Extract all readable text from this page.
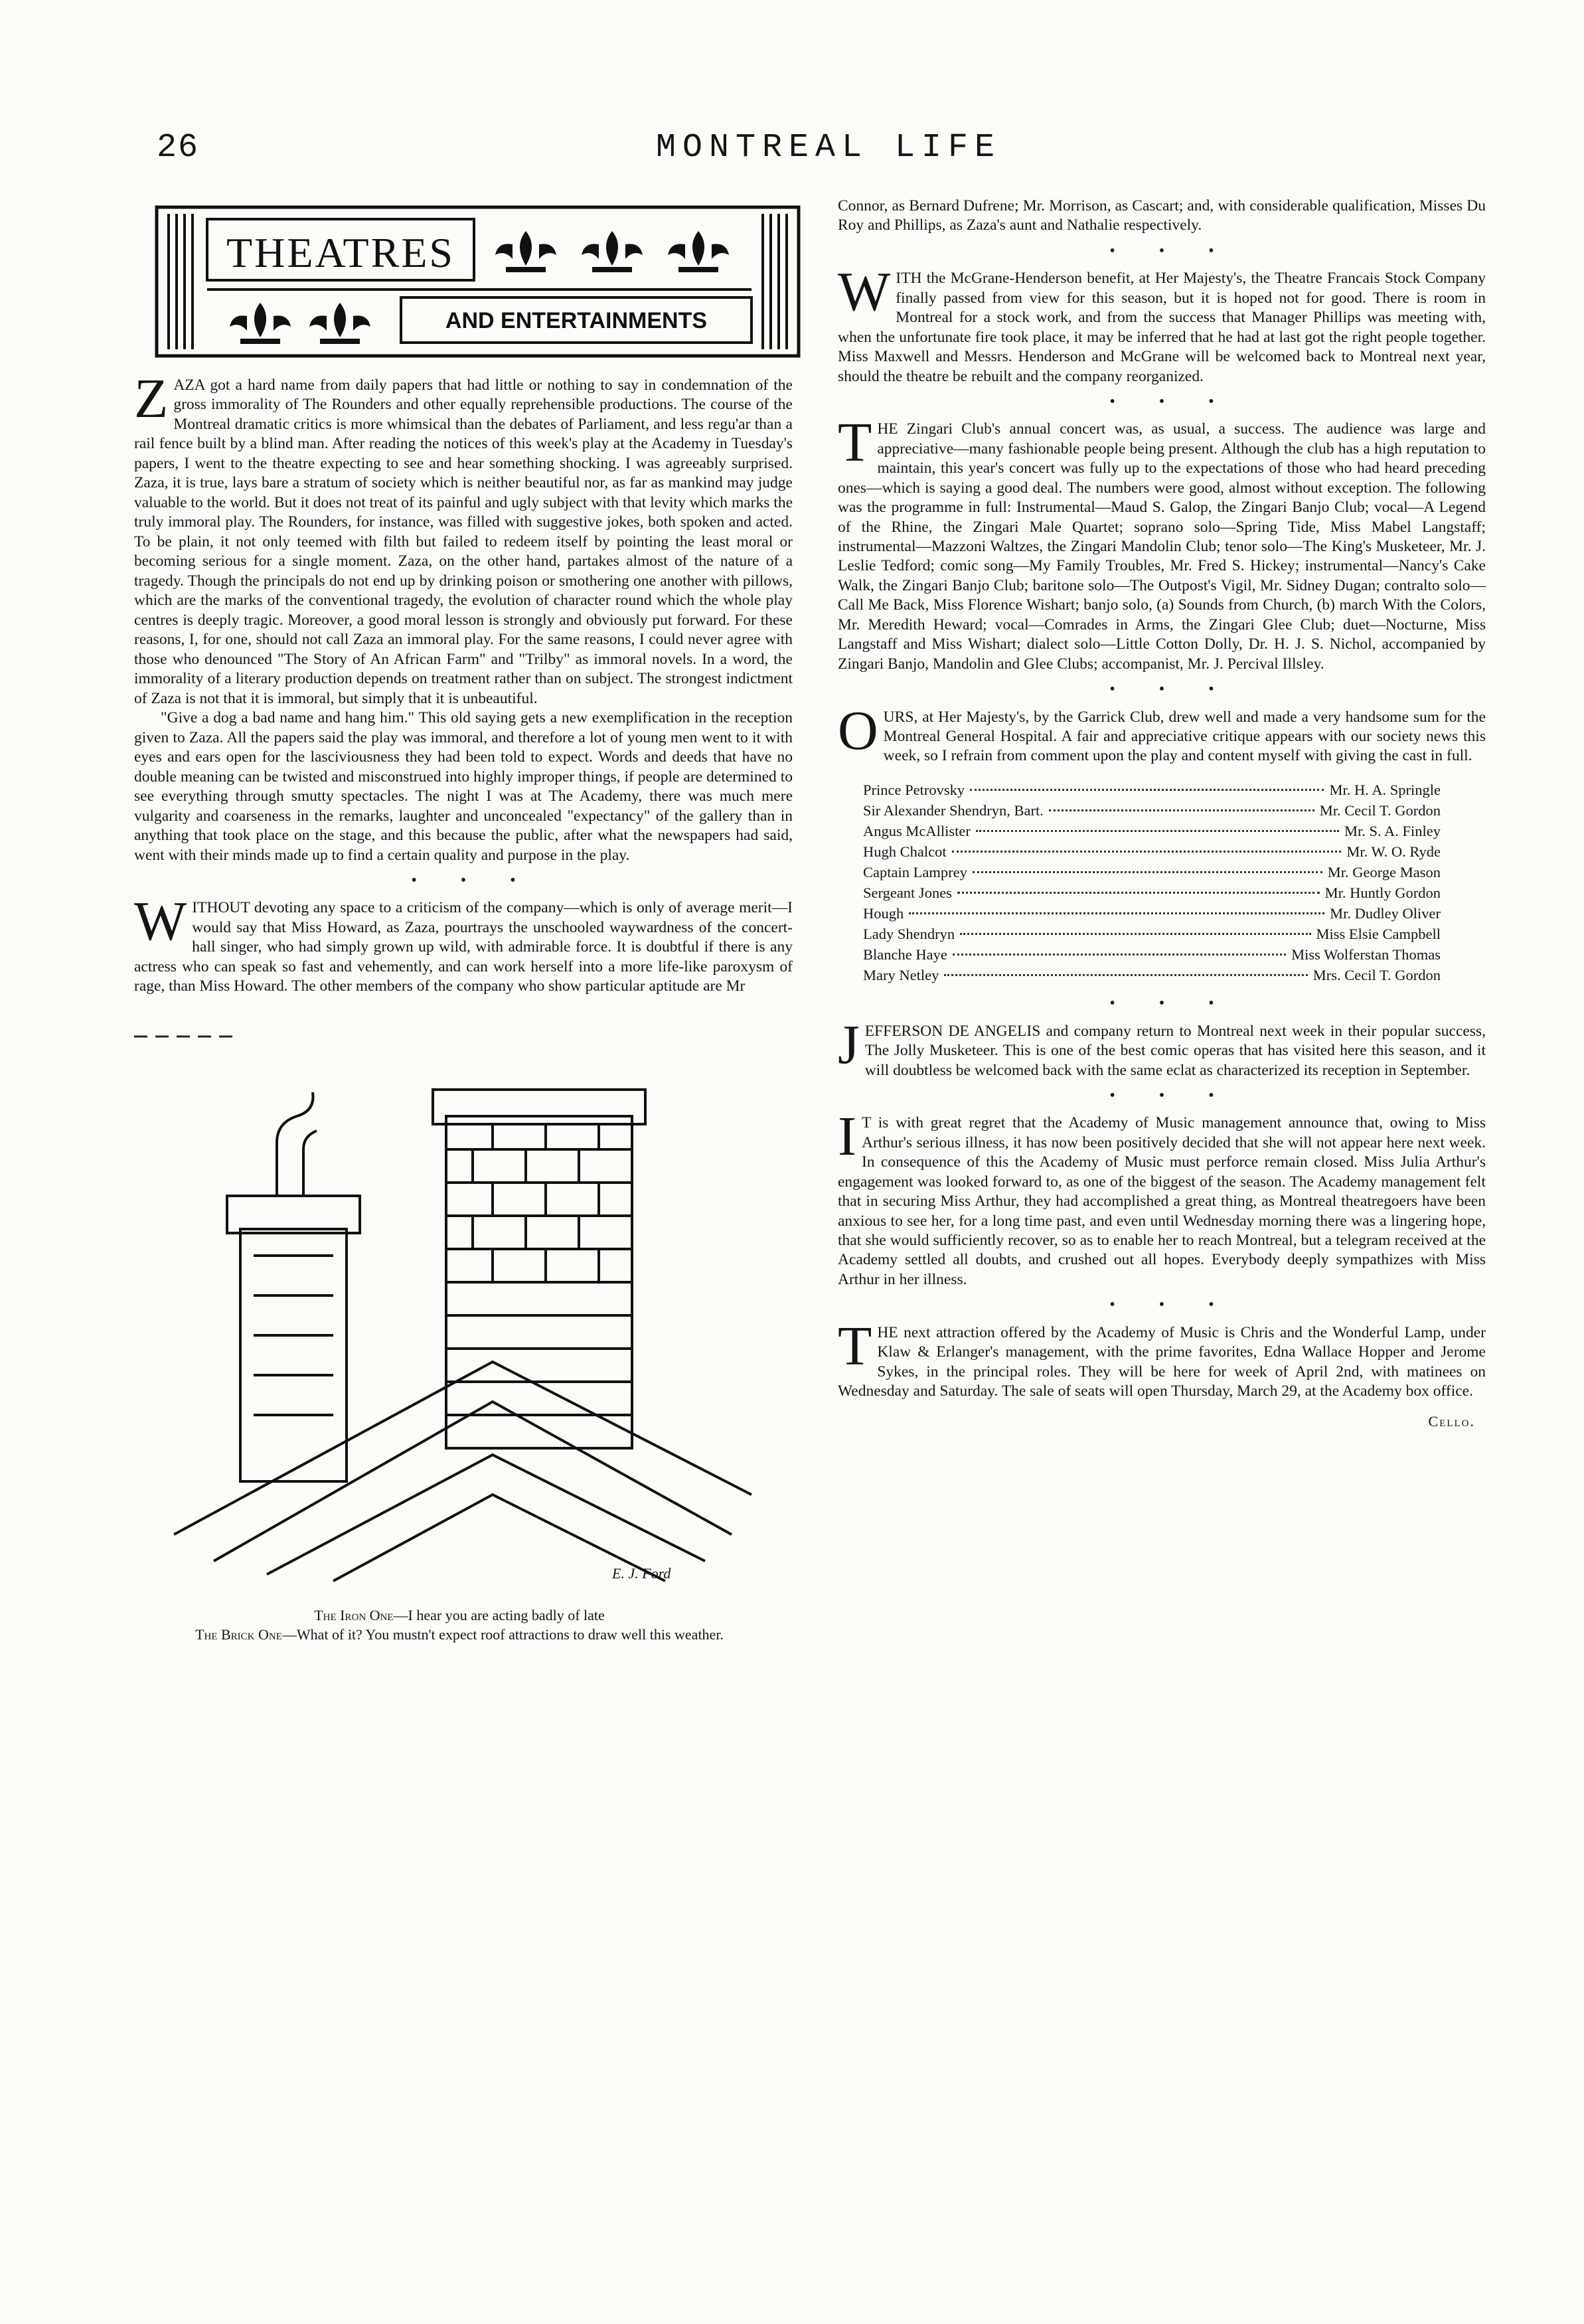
26	MONTREAL LIFE
THEATRES
AND ENTERTAINMENTS

ZAZA got a hard name from daily papers that had little or nothing to say in condemnation of the gross immorality of The Rounders and other equally reprehensible productions. The course of the Montreal dramatic critics is more whimsical than the debates of Parliament, and less regu'ar than a rail fence built by a blind man. After reading the notices of this week's play at the Academy in Tuesday's papers, I went to the theatre expecting to see and hear something shocking. I was agreeably surprised. Zaza, it is true, lays bare a stratum of society which is neither beautiful nor, as far as mankind may judge valuable to the world. But it does not treat of its painful and ugly subject with that levity which marks the truly immoral play. The Rounders, for instance, was filled with suggestive jokes, both spoken and acted. To be plain, it not only teemed with filth but failed to redeem itself by pointing the least moral or becoming serious for a single moment. Zaza, on the other hand, partakes almost of the nature of a tragedy. Though the principals do not end up by drinking poison or smothering one another with pillows, which are the marks of the conventional tragedy, the evolution of character round which the whole play centres is deeply tragic. Moreover, a good moral lesson is strongly and obviously put forward. For these reasons, I, for one, should not call Zaza an immoral play. For the same reasons, I could never agree with those who denounced "The Story of An African Farm" and "Trilby" as immoral novels. In a word, the immorality of a literary production depends on treatment rather than on subject. The strongest indictment of Zaza is not that it is immoral, but simply that it is unbeautiful.

"Give a dog a bad name and hang him." This old saying gets a new exemplification in the reception given to Zaza. All the papers said the play was immoral, and therefore a lot of young men went to it with eyes and ears open for the lasciviousness they had been told to expect. Words and deeds that have no double meaning can be twisted and misconstrued into highly improper things, if people are determined to see everything through smutty spectacles. The night I was at The Academy, there was much mere vulgarity and coarseness in the remarks, laughter and unconcealed "expectancy" of the gallery than in anything that took place on the stage, and this because the public, after what the newspapers had said, went with their minds made up to find a certain quality and purpose in the play.

• • •

WITHOUT devoting any space to a criticism of the company—which is only of average merit—I would say that Miss Howard, as Zaza, pourtrays the unschooled waywardness of the concert-hall singer, who had simply grown up wild, with admirable force. It is doubtful if there is any actress who can speak so fast and vehemently, and can work herself into a more life-like paroxysm of rage, than Miss Howard. The other members of the company who show particular aptitude are Mr

E. J. Ford

The Iron One—I hear you are acting badly of late

The Brick One—What of it? You mustn't expect roof attractions to draw well this weather.

Connor, as Bernard Dufrene; Mr. Morrison, as Cascart; and, with considerable qualification, Misses Du Roy and Phillips, as Zaza's aunt and Nathalie respectively.

• • •

WITH the McGrane-Henderson benefit, at Her Majesty's, the Theatre Francais Stock Company finally passed from view for this season, but it is hoped not for good. There is room in Montreal for a stock work, and from the success that Manager Phillips was meeting with, when the unfortunate fire took place, it may be inferred that he had at last got the right people together. Miss Maxwell and Messrs. Henderson and McGrane will be welcomed back to Montreal next year, should the theatre be rebuilt and the company reorganized.

• • •

THE Zingari Club's annual concert was, as usual, a success. The audience was large and appreciative—many fashionable people being present. Although the club has a high reputation to maintain, this year's concert was fully up to the expectations of those who had heard preceding ones—which is saying a good deal. The numbers were good, almost without exception. The following was the programme in full: Instrumental—Maud S. Galop, the Zingari Banjo Club; vocal—A Legend of the Rhine, the Zingari Male Quartet; soprano solo—Spring Tide, Miss Mabel Langstaff; instrumental—Mazzoni Waltzes, the Zingari Mandolin Club; tenor solo—The King's Musketeer, Mr. J. Leslie Tedford; comic song—My Family Troubles, Mr. Fred S. Hickey; instrumental—Nancy's Cake Walk, the Zingari Banjo Club; baritone solo—The Outpost's Vigil, Mr. Sidney Dugan; contralto solo—Call Me Back, Miss Florence Wishart; banjo solo, (a) Sounds from Church, (b) march With the Colors, Mr. Meredith Heward; vocal—Comrades in Arms, the Zingari Glee Club; duet—Nocturne, Miss Langstaff and Miss Wishart; dialect solo—Little Cotton Dolly, Dr. H. J. S. Nichol, accompanied by Zingari Banjo, Mandolin and Glee Clubs; accompanist, Mr. J. Percival Illsley.

• • •

OURS, at Her Majesty's, by the Garrick Club, drew well and made a very handsome sum for the Montreal General Hospital. A fair and appreciative critique appears with our society news this week, so I refrain from comment upon the play and content myself with giving the cast in full.

Prince Petrovsky	Mr. H. A. Springle
Sir Alexander Shendryn, Bart.	Mr. Cecil T. Gordon
Angus McAllister	Mr. S. A. Finley
Hugh Chalcot	Mr. W. O. Ryde
Captain Lamprey	Mr. George Mason
Sergeant Jones	Mr. Huntly Gordon
Hough	Mr. Dudley Oliver
Lady Shendryn	Miss Elsie Campbell
Blanche Haye	Miss Wolferstan Thomas
Mary Netley	Mrs. Cecil T. Gordon
• • •

JEFFERSON DE ANGELIS and company return to Montreal next week in their popular success, The Jolly Musketeer. This is one of the best comic operas that has visited here this season, and it will doubtless be welcomed back with the same eclat as characterized its reception in September.

• • •

I T is with great regret that the Academy of Music management announce that, owing to Miss Arthur's serious illness, it has now been positively decided that she will not appear here next week. In consequence of this the Academy of Music must perforce remain closed. Miss Julia Arthur's engagement was looked forward to, as one of the biggest of the season. The Academy management felt that in securing Miss Arthur, they had accomplished a great thing, as Montreal theatregoers have been anxious to see her, for a long time past, and even until Wednesday morning there was a lingering hope, that she would sufficiently recover, so as to enable her to reach Montreal, but a telegram received at the Academy settled all doubts, and crushed out all hopes. Everybody deeply sympathizes with Miss Arthur in her illness.

• • •

THE next attraction offered by the Academy of Music is Chris and the Wonderful Lamp, under Klaw & Erlanger's management, with the prime favorites, Edna Wallace Hopper and Jerome Sykes, in the principal roles. They will be here for week of April 2nd, with matinees on Wednesday and Saturday. The sale of seats will open Thursday, March 29, at the Academy box office.

Cello.
